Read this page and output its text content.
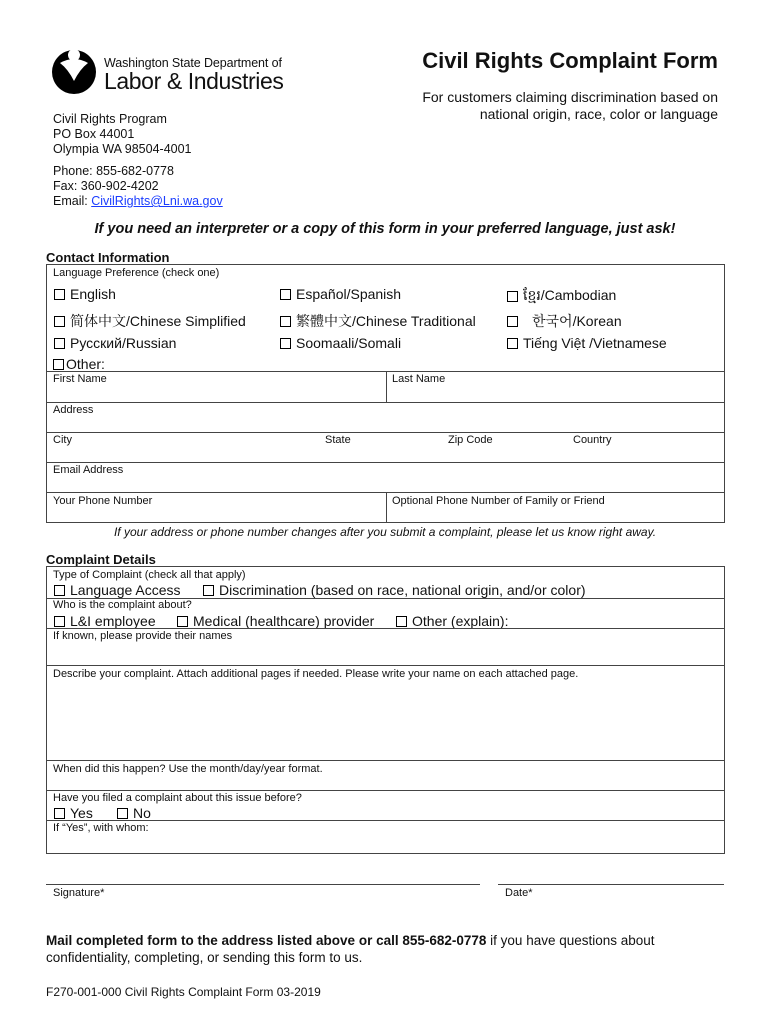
Washington State Department of
Labor & Industries
Civil Rights Complaint Form
For customers claiming discrimination based on
national origin, race, color or language
Civil Rights Program
PO Box 44001
Olympia WA 98504-4001
Phone: 855-682-0778
Fax: 360-902-4202
Email: CivilRights@Lni.wa.gov
If you need an interpreter or a copy of this form in your preferred language, just ask!
Contact Information
Language Preference (check one)
English	Español/Spanish	ខ្មែរ/Cambodian
简体中文/Chinese Simplified	繁體中文/Chinese Traditional	한국어/Korean
Русский/Russian	Soomaali/Somali	Tiếng Việt /Vietnamese
Other:
First Name	Last Name
Address
City	State	Zip Code	Country
Email Address
Your Phone Number	Optional Phone Number of Family or Friend
If your address or phone number changes after you submit a complaint, please let us know right away.
Complaint Details
Type of Complaint (check all that apply)
Language Access	Discrimination (based on race, national origin, and/or color)
Who is the complaint about?
L&I employee	Medical (healthcare) provider	Other (explain):
If known, please provide their names
Describe your complaint. Attach additional pages if needed. Please write your name on each attached page.
When did this happen? Use the month/day/year format.
Have you filed a complaint about this issue before?
Yes	No
If “Yes”, with whom:
Signature*	Date*
Mail completed form to the address listed above or call 855-682-0778 if you have questions about confidentiality, completing, or sending this form to us.
F270-001-000 Civil Rights Complaint Form 03-2019
